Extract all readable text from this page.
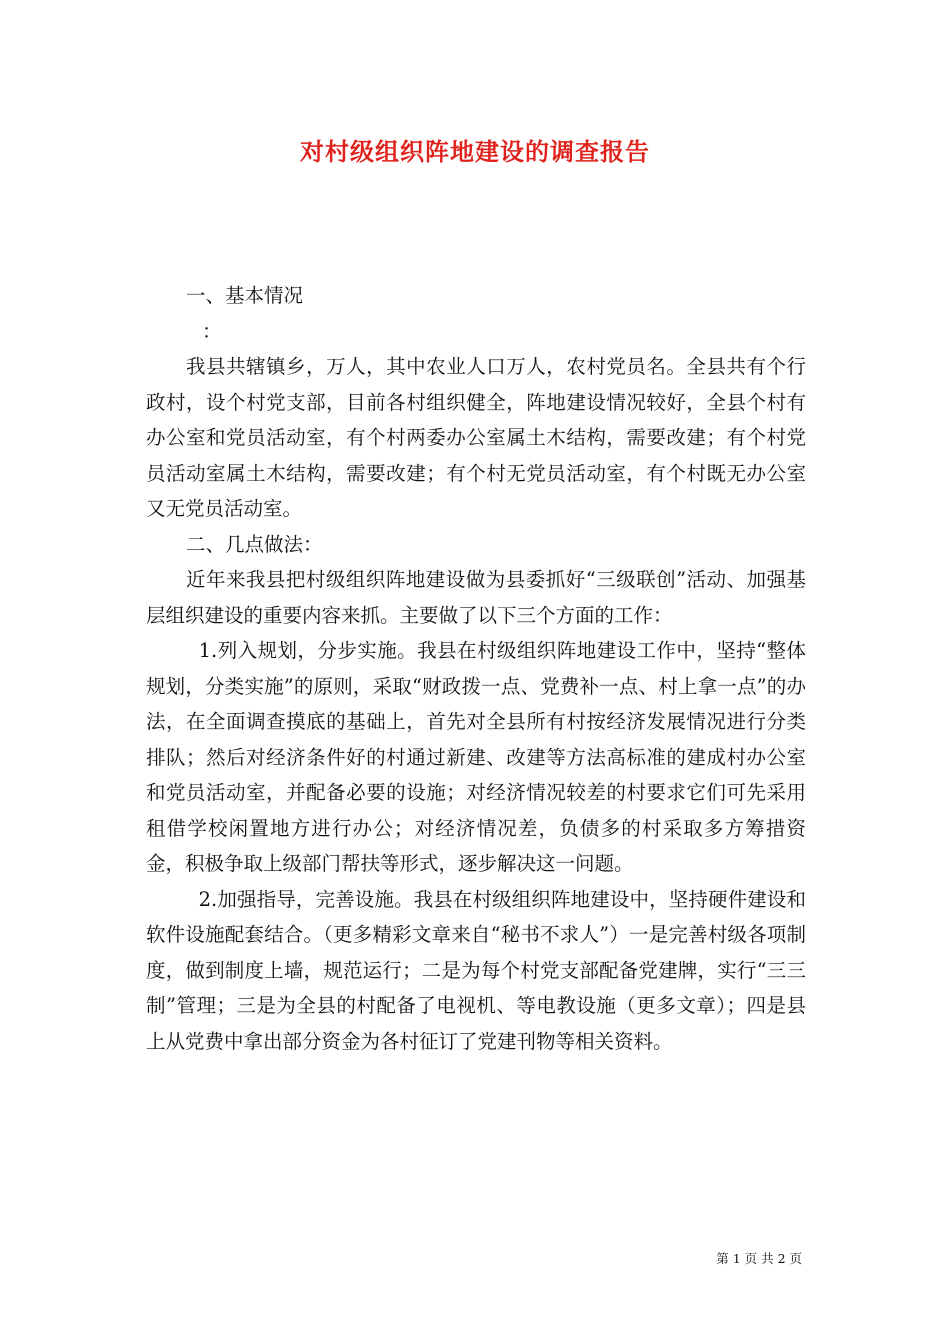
对村级组织阵地建设的调查报告

一、基本情况

：

我县共辖镇乡，万人，其中农业人口万人，农村党员名。全县共有个行政村，设个村党支部，目前各村组织健全，阵地建设情况较好，全县个村有办公室和党员活动室，有个村两委办公室属土木结构，需要改建；有个村党员活动室属土木结构，需要改建；有个村无党员活动室，有个村既无办公室又无党员活动室。

二、几点做法：

近年来我县把村级组织阵地建设做为县委抓好“三级联创”活动、加强基层组织建设的重要内容来抓。主要做了以下三个方面的工作：

1.列入规划，分步实施。我县在村级组织阵地建设工作中，坚持“整体规划，分类实施”的原则，采取“财政拨一点、党费补一点、村上拿一点”的办法，在全面调查摸底的基础上，首先对全县所有村按经济发展情况进行分类排队；然后对经济条件好的村通过新建、改建等方法高标准的建成村办公室和党员活动室，并配备必要的设施；对经济情况较差的村要求它们可先采用租借学校闲置地方进行办公；对经济情况差，负债多的村采取多方筹措资金，积极争取上级部门帮扶等形式，逐步解决这一问题。

2.加强指导，完善设施。我县在村级组织阵地建设中，坚持硬件建设和软件设施配套结合。（更多精彩文章来自“秘书不求人”）一是完善村级各项制度，做到制度上墙，规范运行；二是为每个村党支部配备党建牌，实行“三三制”管理；三是为全县的村配备了电视机、等电教设施（更多文章）；四是县上从党费中拿出部分资金为各村征订了党建刊物等相关资料。

第 1 页 共 2 页
